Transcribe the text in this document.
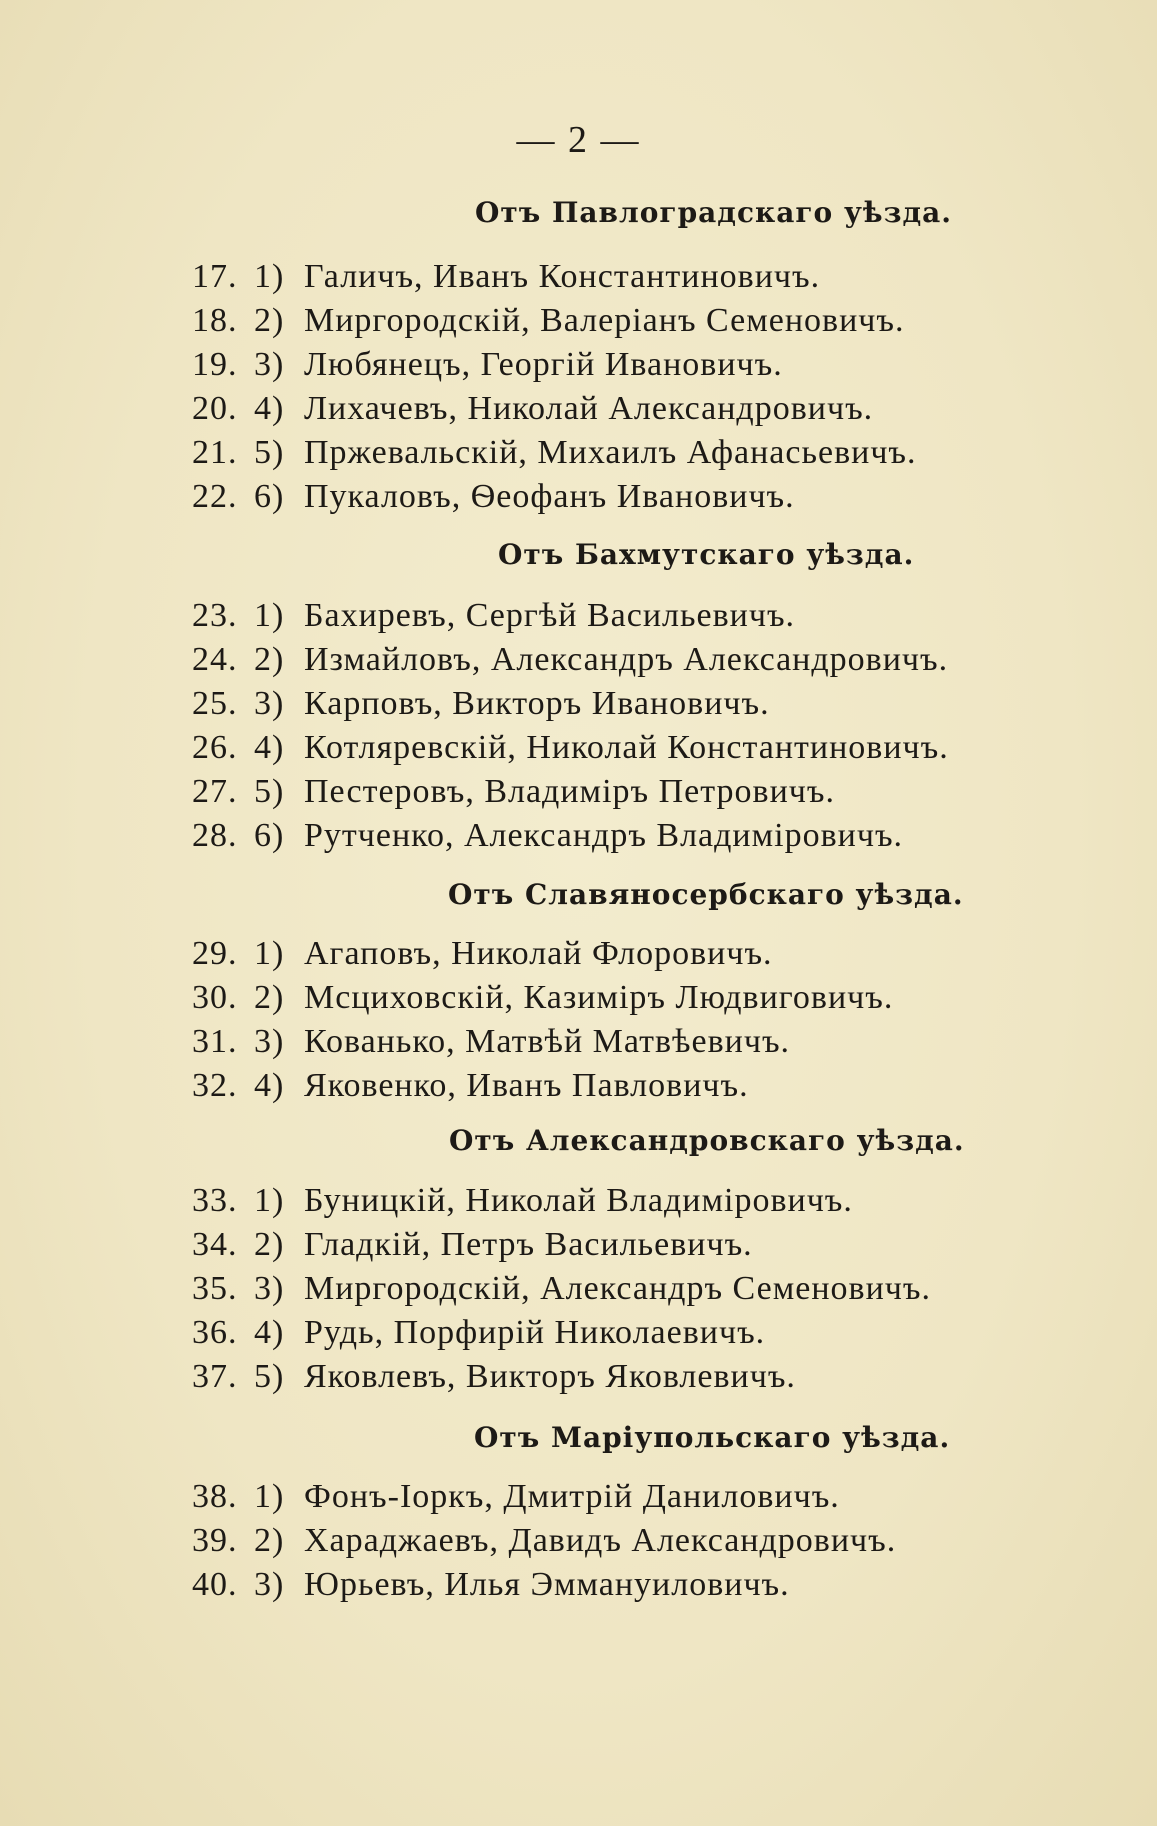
— 2 —
Отъ Павлоградскаго уѣзда.
17. 1) Галичъ, Иванъ Константиновичъ.
18. 2) Миргородскій, Валеріанъ Семеновичъ.
19. 3) Любянецъ, Георгій Ивановичъ.
20. 4) Лихачевъ, Николай Александровичъ.
21. 5) Пржевальскій, Михаилъ Афанасьевичъ.
22. 6) Пукаловъ, Ѳеофанъ Ивановичъ.
Отъ Бахмутскаго уѣзда.
23. 1) Бахиревъ, Сергѣй Васильевичъ.
24. 2) Измайловъ, Александръ Александровичъ.
25. 3) Карповъ, Викторъ Ивановичъ.
26. 4) Котляревскій, Николай Константиновичъ.
27. 5) Пестеровъ, Владиміръ Петровичъ.
28. 6) Рутченко, Александръ Владиміровичъ.
Отъ Славяносербскаго уѣзда.
29. 1) Агаповъ, Николай Флоровичъ.
30. 2) Мсциховскій, Казиміръ Людвиговичъ.
31. 3) Кованько, Матвѣй Матвѣевичъ.
32. 4) Яковенко, Иванъ Павловичъ.
Отъ Александровскаго уѣзда.
33. 1) Буницкій, Николай Владиміровичъ.
34. 2) Гладкій, Петръ Васильевичъ.
35. 3) Миргородскій, Александръ Семеновичъ.
36. 4) Рудь, Порфирій Николаевичъ.
37. 5) Яковлевъ, Викторъ Яковлевичъ.
Отъ Маріупольскаго уѣзда.
38. 1) Фонъ-Іоркъ, Дмитрій Даниловичъ.
39. 2) Хараджаевъ, Давидъ Александровичъ.
40. 3) Юрьевъ, Илья Эммануиловичъ.
